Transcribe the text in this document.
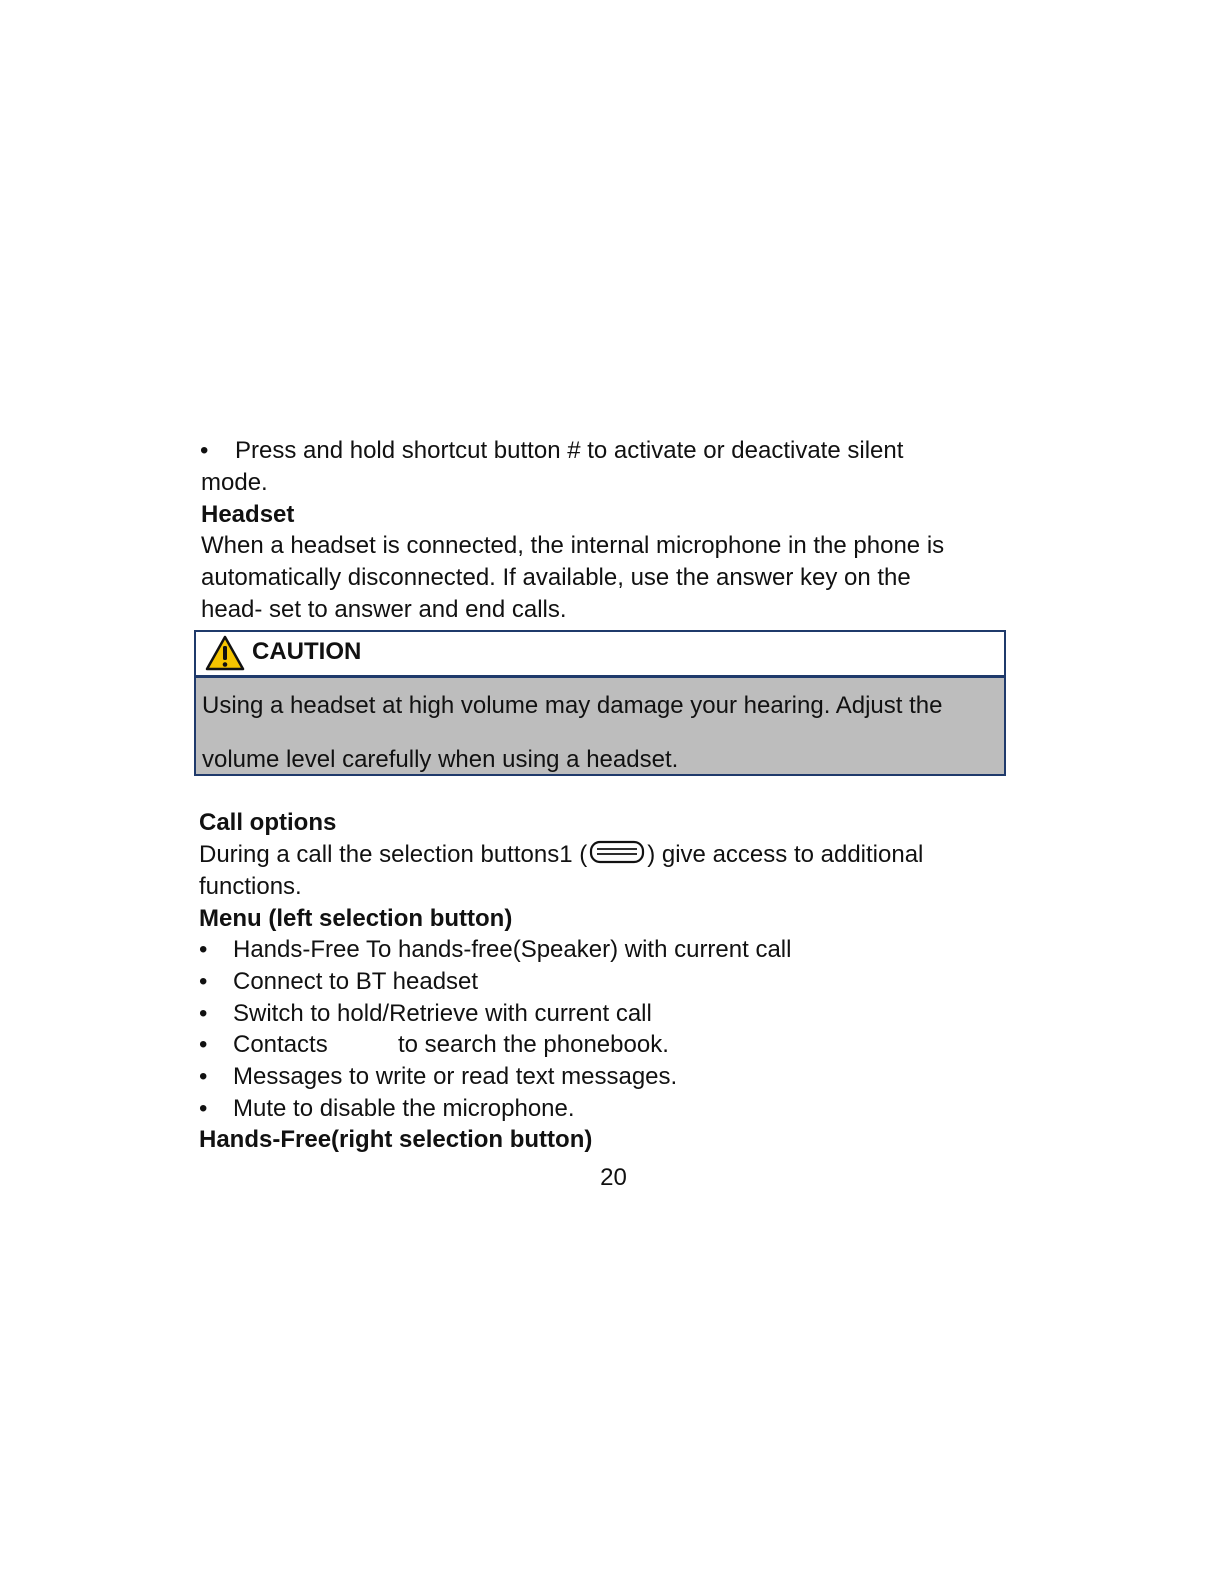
• Press and hold shortcut button # to activate or deactivate silent
mode.
Headset
When a headset is connected, the internal microphone in the phone is
automatically disconnected. If available, use the answer key on the
head- set to answer and end calls.
CAUTION
Using a headset at high volume may damage your hearing. Adjust the
volume level carefully when using a headset.
Call options
During a call the selection buttons1 (	) give access to additional
functions.
Menu (left selection button)
• Hands-Free To hands-free(Speaker) with current call
• Connect to BT headset
• Switch to hold/Retrieve with current call
• Contacts	to search the phonebook.
• Messages to write or read text messages.
• Mute to disable the microphone.
Hands-Free(right selection button)
20
